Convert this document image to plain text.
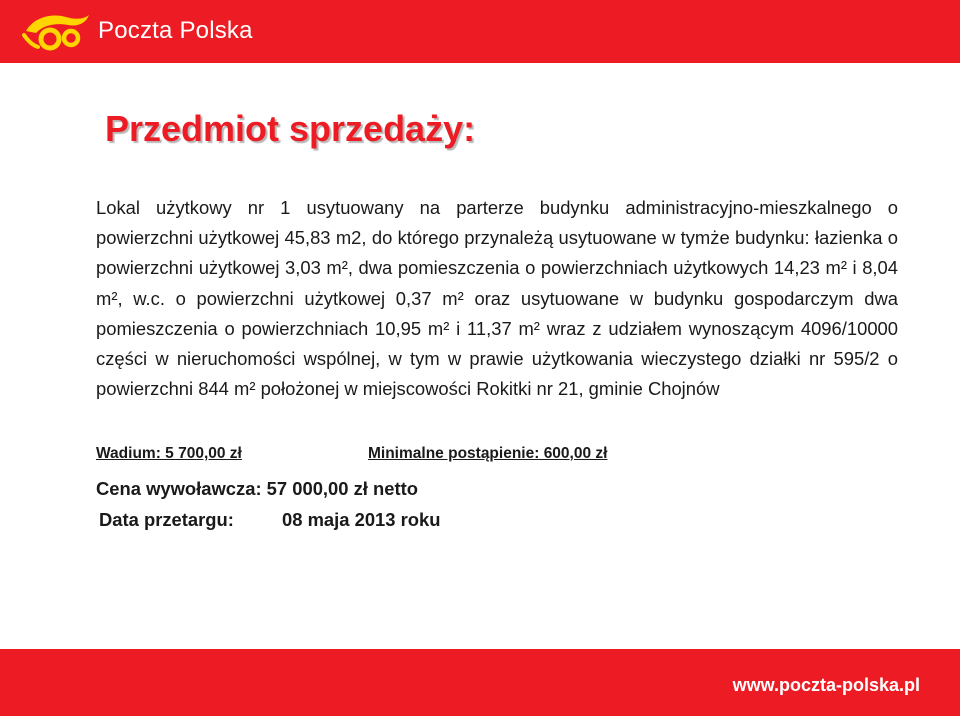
Poczta Polska
Przedmiot sprzedaży:

Lokal użytkowy nr 1 usytuowany na parterze budynku administracyjno-mieszkalnego o powierzchni użytkowej 45,83 m2, do którego przynależą usytuowane w tymże budynku: łazienka o powierzchni użytkowej 3,03 m², dwa pomieszczenia o powierzchniach użytkowych 14,23 m² i 8,04 m², w.c. o powierzchni użytkowej 0,37 m² oraz usytuowane w budynku gospodarczym dwa pomieszczenia o powierzchniach 10,95 m² i 11,37 m² wraz z udziałem wynoszącym 4096/10000 części w nieruchomości wspólnej, w tym w prawie użytkowania wieczystego działki nr 595/2 o powierzchni 844 m² położonej w miejscowości Rokitki nr 21, gminie Chojnów

Wadium: 5 700,00 zł	Minimalne postąpienie: 600,00 zł
Cena wywoławcza: 57 000,00 zł netto
Data przetargu:	08 maja 2013 roku
www.poczta-polska.pl
